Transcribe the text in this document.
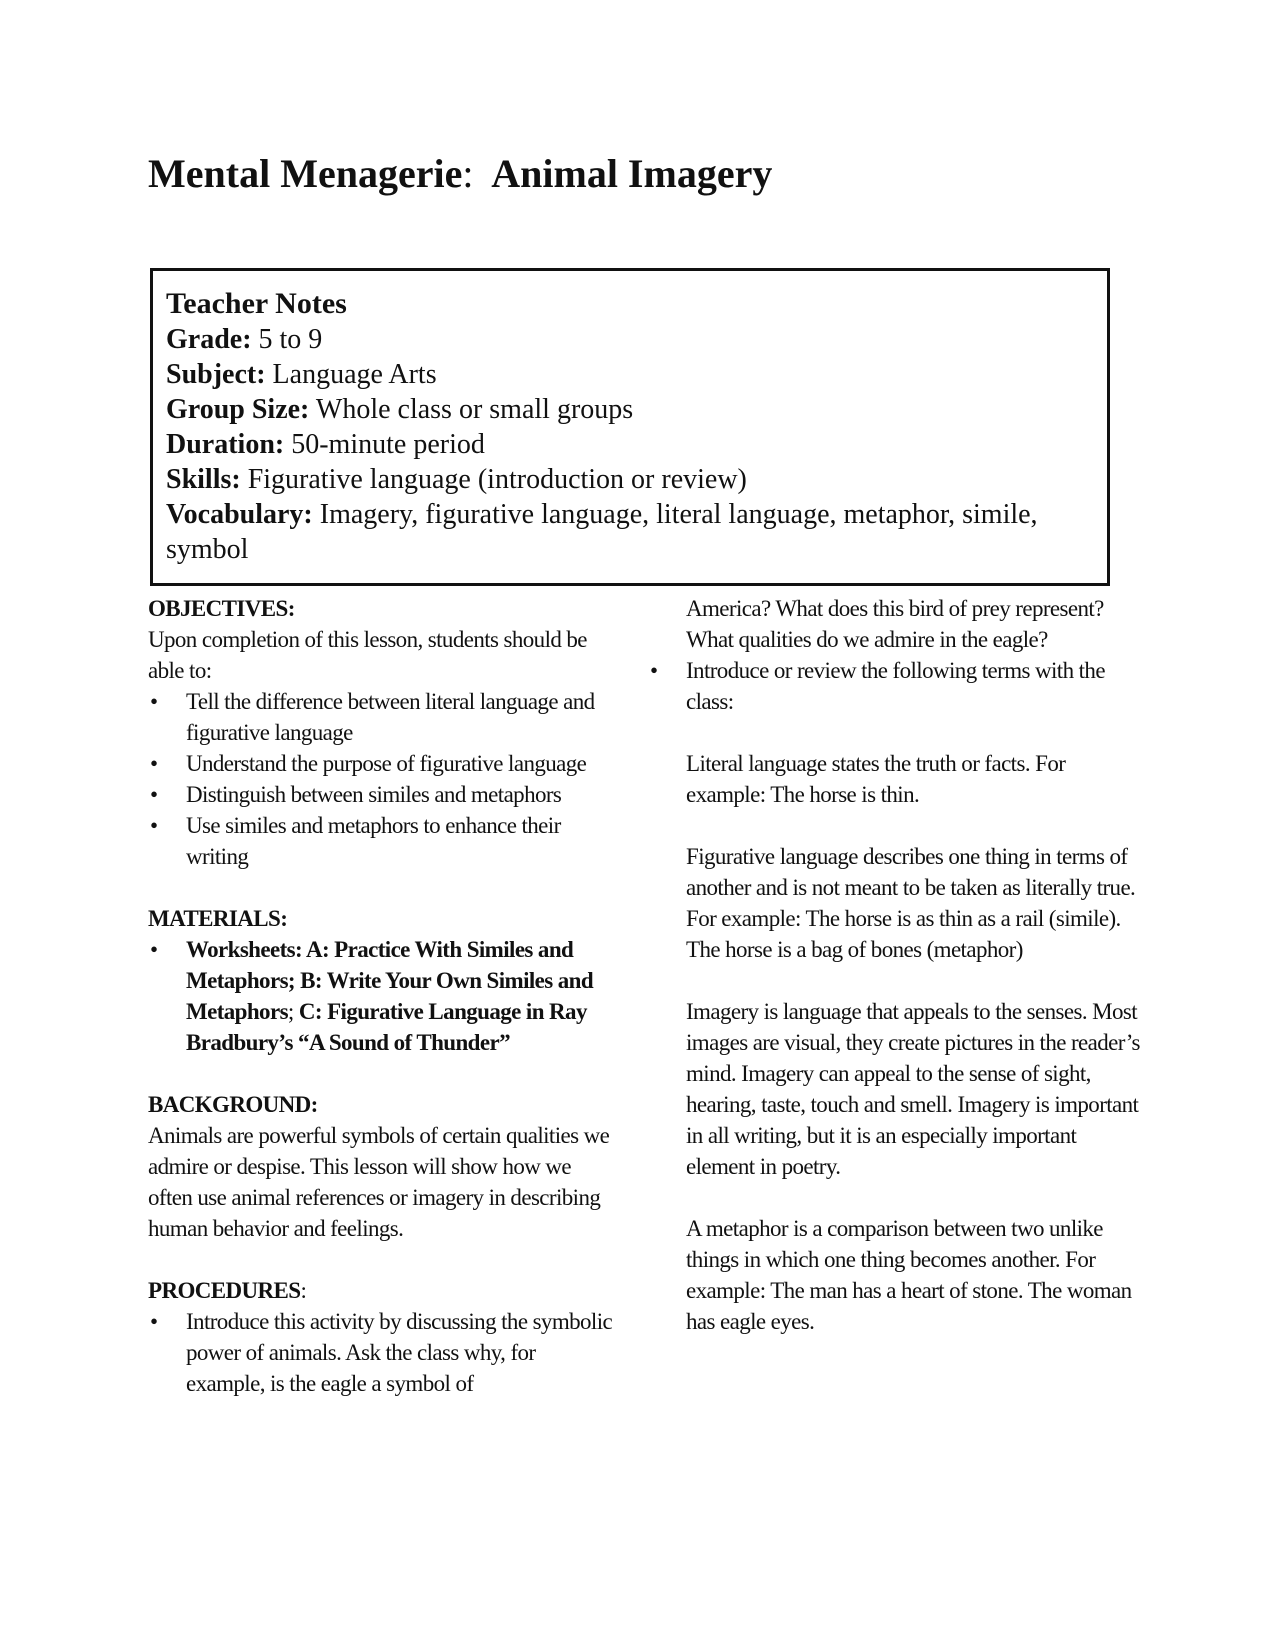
Mental Menagerie: Animal Imagery

Teacher Notes

Grade: 5 to 9

Subject: Language Arts

Group Size: Whole class or small groups

Duration: 50-minute period

Skills: Figurative language (introduction or review)

Vocabulary: Imagery, figurative language, literal language, metaphor, simile, symbol

OBJECTIVES:

Upon completion of this lesson, students should be able to:

• Tell the difference between literal language and figurative language
• Understand the purpose of figurative language
• Distinguish between similes and metaphors
• Use similes and metaphors to enhance their writing

MATERIALS:

• Worksheets: A: Practice With Similes and Metaphors; B: Write Your Own Similes and Metaphors; C: Figurative Language in Ray Bradbury’s “A Sound of Thunder”

BACKGROUND:

Animals are powerful symbols of certain qualities we admire or despise. This lesson will show how we often use animal references or imagery in describing human behavior and feelings.

PROCEDURES:

• Introduce this activity by discussing the symbolic power of animals. Ask the class why, for example, is the eagle a symbol of

America? What does this bird of prey represent? What qualities do we admire in the eagle?

• Introduce or review the following terms with the class:

Literal language states the truth or facts. For example: The horse is thin.

Figurative language describes one thing in terms of another and is not meant to be taken as literally true. For example: The horse is as thin as a rail (simile). The horse is a bag of bones (metaphor)

Imagery is language that appeals to the senses. Most images are visual, they create pictures in the reader’s mind. Imagery can appeal to the sense of sight, hearing, taste, touch and smell. Imagery is important in all writing, but it is an especially important element in poetry.

A metaphor is a comparison between two unlike things in which one thing becomes another. For example: The man has a heart of stone. The woman has eagle eyes.
